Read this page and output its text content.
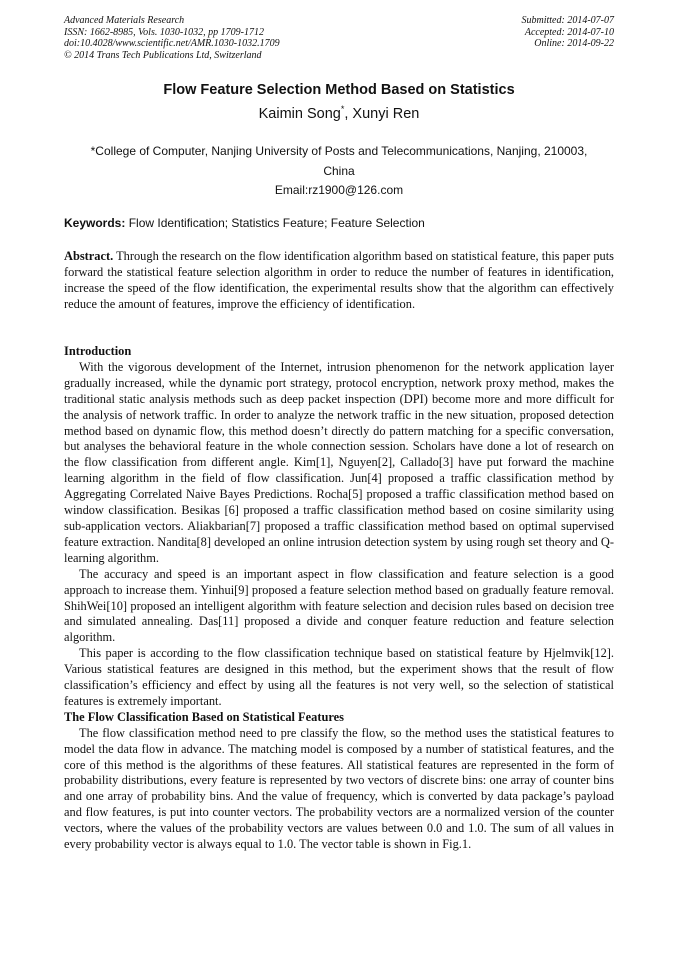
Advanced Materials Research
ISSN: 1662-8985, Vols. 1030-1032, pp 1709-1712
doi:10.4028/www.scientific.net/AMR.1030-1032.1709
© 2014 Trans Tech Publications Ltd, Switzerland
Submitted: 2014-07-07
Accepted: 2014-07-10
Online: 2014-09-22
Flow Feature Selection Method Based on Statistics
Kaimin Song*, Xunyi Ren
*College of Computer, Nanjing University of Posts and Telecommunications, Nanjing, 210003,
China
Email:rz1900@126.com
Keywords: Flow Identification; Statistics Feature; Feature Selection
Abstract. Through the research on the flow identification algorithm based on statistical feature, this paper puts forward the statistical feature selection algorithm in order to reduce the number of features in identification, increase the speed of the flow identification, the experimental results show that the algorithm can effectively reduce the amount of features, improve the efficiency of identification.
Introduction

With the vigorous development of the Internet, intrusion phenomenon for the network application layer gradually increased, while the dynamic port strategy, protocol encryption, network proxy method, makes the traditional static analysis methods such as deep packet inspection (DPI) become more and more difficult for the analysis of network traffic. In order to analyze the network traffic in the new situation, proposed detection method based on dynamic flow, this method doesn’t directly do pattern matching for a specific conversation, but analyses the behavioral feature in the whole connection session. Scholars have done a lot of research on the flow classification from different angle. Kim[1], Nguyen[2], Callado[3] have put forward the machine learning algorithm in the field of flow classification. Jun[4] proposed a traffic classification method by Aggregating Correlated Naive Bayes Predictions. Rocha[5] proposed a traffic classification method based on window classification. Besikas [6] proposed a traffic classification method based on cosine similarity using sub-application vectors. Aliakbarian[7] proposed a traffic classification method based on optimal supervised feature extraction. Nandita[8] developed an online intrusion detection system by using rough set theory and Q-learning algorithm.

The accuracy and speed is an important aspect in flow classification and feature selection is a good approach to increase them. Yinhui[9] proposed a feature selection method based on gradually feature removal. ShihWei[10] proposed an intelligent algorithm with feature selection and decision rules based on decision tree and simulated annealing. Das[11] proposed a divide and conquer feature reduction and feature selection algorithm.

This paper is according to the flow classification technique based on statistical feature by Hjelmvik[12]. Various statistical features are designed in this method, but the experiment shows that the result of flow classification’s efficiency and effect by using all the features is not very well, so the selection of statistical features is extremely important.

The Flow Classification Based on Statistical Features

The flow classification method need to pre classify the flow, so the method uses the statistical features to model the data flow in advance. The matching model is composed by a number of statistical features, and the core of this method is the algorithms of these features. All statistical features are represented in the form of probability distributions, every feature is represented by two vectors of discrete bins: one array of counter bins and one array of probability bins. And the value of frequency, which is converted by data package’s payload and flow features, is put into counter vectors. The probability vectors are a normalized version of the counter vectors, where the values of the probability vectors are values between 0.0 and 1.0. The sum of all values in every probability vector is always equal to 1.0. The vector table is shown in Fig.1.
